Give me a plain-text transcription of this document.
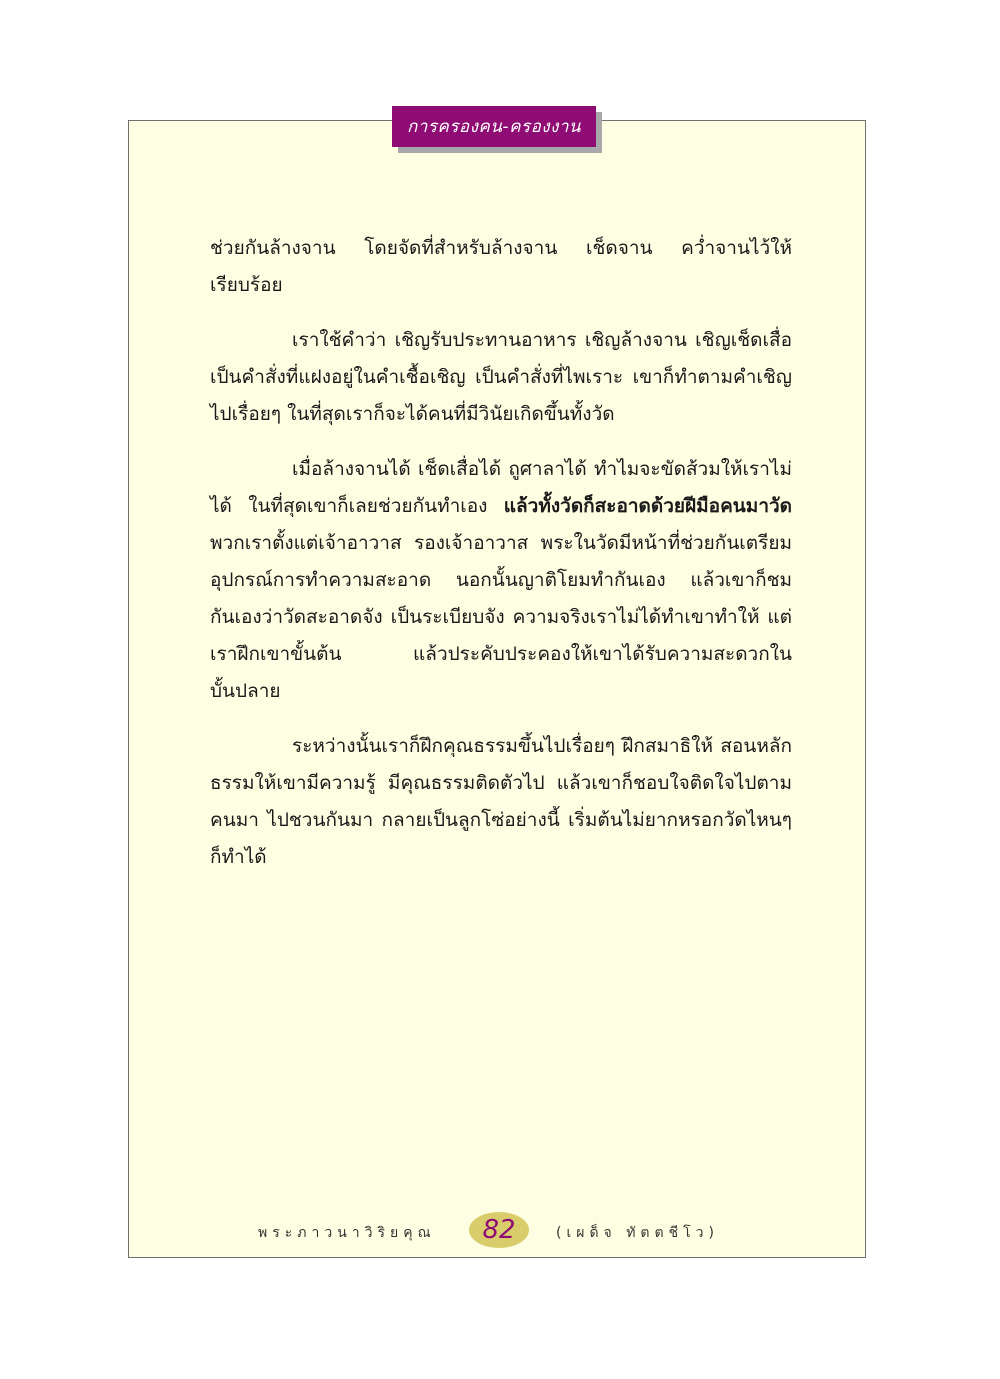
การครองคน-ครองงาน

ช่วยกันล้างจาน โดยจัดที่สำหรับล้างจาน เช็ดจาน คว่ำจานไว้ให้เรียบร้อย

เราใช้คำว่า เชิญรับประทานอาหาร เชิญล้างจาน เชิญเช็ดเสื่อ เป็นคำสั่งที่แฝงอยู่ในคำเชื้อเชิญ เป็นคำสั่งที่ไพเราะ เขาก็ทำตามคำเชิญไปเรื่อยๆ ในที่สุดเราก็จะได้คนที่มีวินัยเกิดขึ้นทั้งวัด

เมื่อล้างจานได้ เช็ดเสื่อได้ ถูศาลาได้ ทำไมจะขัดส้วมให้เราไม่ได้ ในที่สุดเขาก็เลยช่วยกันทำเอง แล้วทั้งวัดก็สะอาดด้วยฝีมือคนมาวัด พวกเราตั้งแต่เจ้าอาวาส รองเจ้าอาวาส พระในวัดมีหน้าที่ช่วยกันเตรียมอุปกรณ์การทำความสะอาด นอกนั้นญาติโยมทำกันเอง แล้วเขาก็ชมกันเองว่าวัดสะอาดจัง เป็นระเบียบจัง ความจริงเราไม่ได้ทำเขาทำให้ แต่เราฝึกเขาขั้นต้น แล้วประคับประคองให้เขาได้รับความสะดวกในบั้นปลาย

ระหว่างนั้นเราก็ฝึกคุณธรรมขึ้นไปเรื่อยๆ ฝึกสมาธิให้ สอนหลักธรรมให้เขามีความรู้ มีคุณธรรมติดตัวไป แล้วเขาก็ชอบใจติดใจไปตามคนมา ไปชวนกันมา กลายเป็นลูกโซ่อย่างนี้ เริ่มต้นไม่ยากหรอกวัดไหนๆ ก็ทำได้

พระภาวนาวิริยคุณ	82	(เผด็จ ทัตตชีโว)
